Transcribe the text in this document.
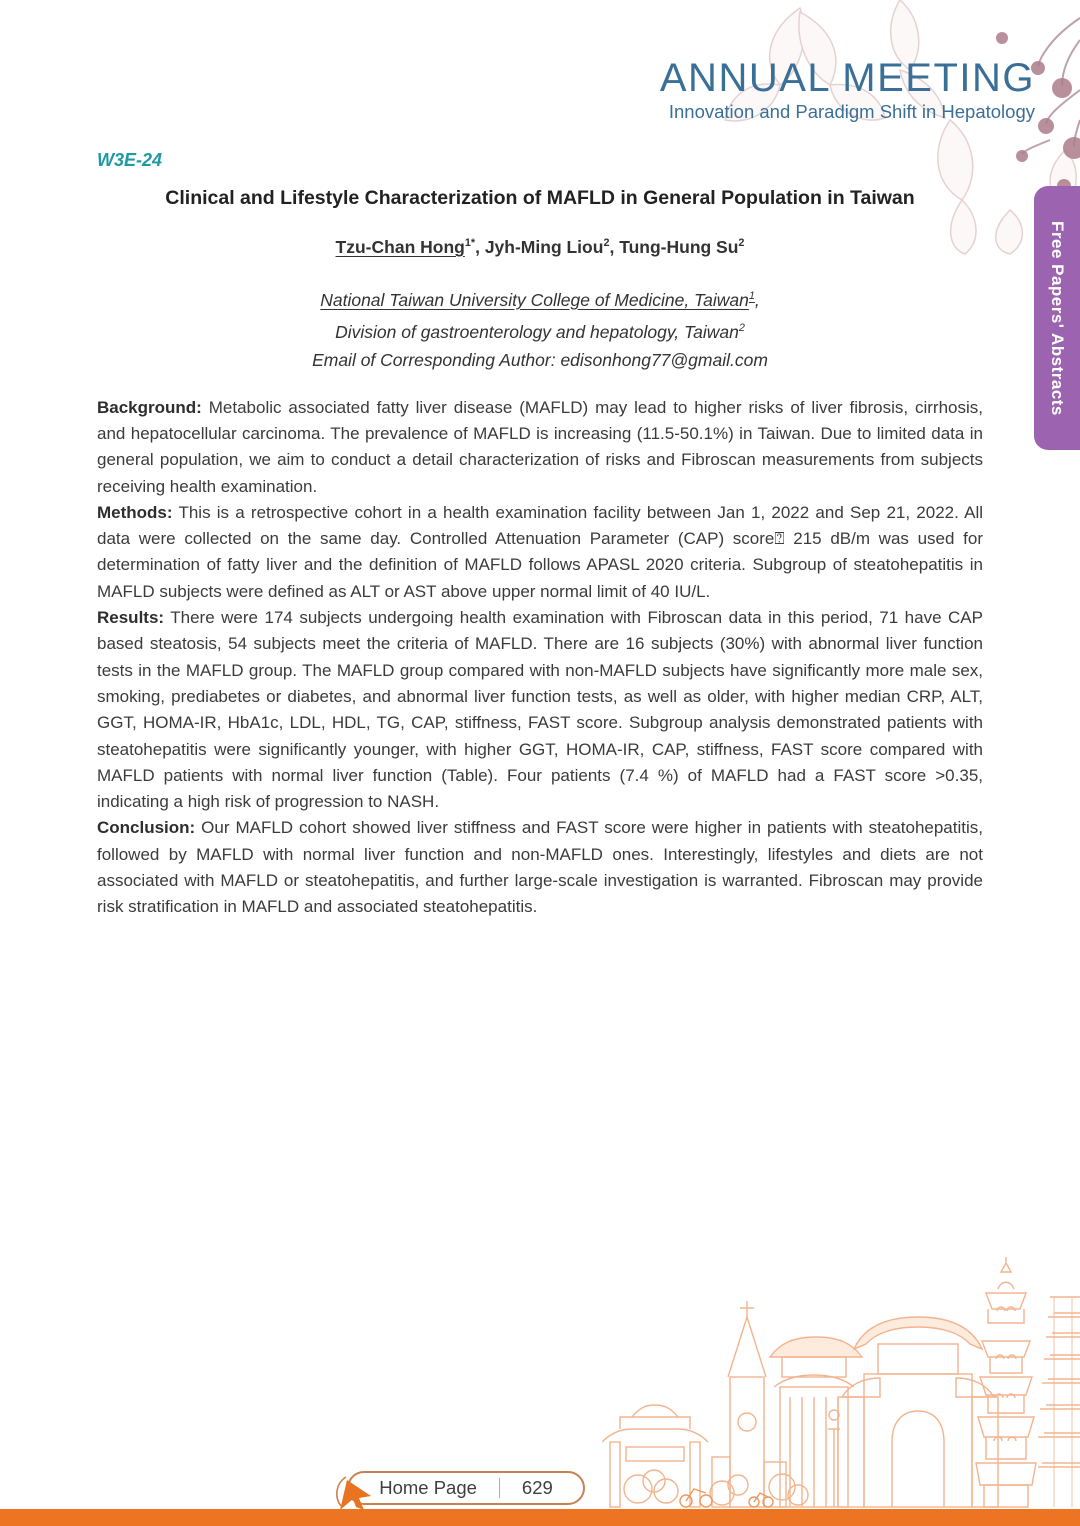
ANNUAL MEETING
Innovation and Paradigm Shift in Hepatology
Free Papers' Abstracts
W3E-24
Clinical and Lifestyle Characterization of MAFLD in General Population in Taiwan
Tzu-Chan Hong$^{1*}$, Jyh-Ming Liou$^2$, Tung-Hung Su$^2$
National Taiwan University College of Medicine, Taiwan$^1$,
Division of gastroenterology and hepatology, Taiwan$^2$
Email of Corresponding Author: edisonhong77@gmail.com

Background: Metabolic associated fatty liver disease (MAFLD) may lead to higher risks of liver fibrosis, cirrhosis, and hepatocellular carcinoma. The prevalence of MAFLD is increasing (11.5-50.1%) in Taiwan. Due to limited data in general population, we aim to conduct a detail characterization of risks and Fibroscan measurements from subjects receiving health examination.

Methods: This is a retrospective cohort in a health examination facility between Jan 1, 2022 and Sep 21, 2022. All data were collected on the same day. Controlled Attenuation Parameter (CAP) score⍰ 215 dB/m was used for determination of fatty liver and the definition of MAFLD follows APASL 2020 criteria. Subgroup of steatohepatitis in MAFLD subjects were defined as ALT or AST above upper normal limit of 40 IU/L.

Results: There were 174 subjects undergoing health examination with Fibroscan data in this period, 71 have CAP based steatosis, 54 subjects meet the criteria of MAFLD. There are 16 subjects (30%) with abnormal liver function tests in the MAFLD group. The MAFLD group compared with non-MAFLD subjects have significantly more male sex, smoking, prediabetes or diabetes, and abnormal liver function tests, as well as older, with higher median CRP, ALT, GGT, HOMA-IR, HbA1c, LDL, HDL, TG, CAP, stiffness, FAST score. Subgroup analysis demonstrated patients with steatohepatitis were significantly younger, with higher GGT, HOMA-IR, CAP, stiffness, FAST score compared with MAFLD patients with normal liver function (Table). Four patients (7.4 %) of MAFLD had a FAST score >0.35, indicating a high risk of progression to NASH.

Conclusion: Our MAFLD cohort showed liver stiffness and FAST score were higher in patients with steatohepatitis, followed by MAFLD with normal liver function and non-MAFLD ones. Interestingly, lifestyles and diets are not associated with MAFLD or steatohepatitis, and further large-scale investigation is warranted. Fibroscan may provide risk stratification in MAFLD and associated steatohepatitis.

Home Page 629
